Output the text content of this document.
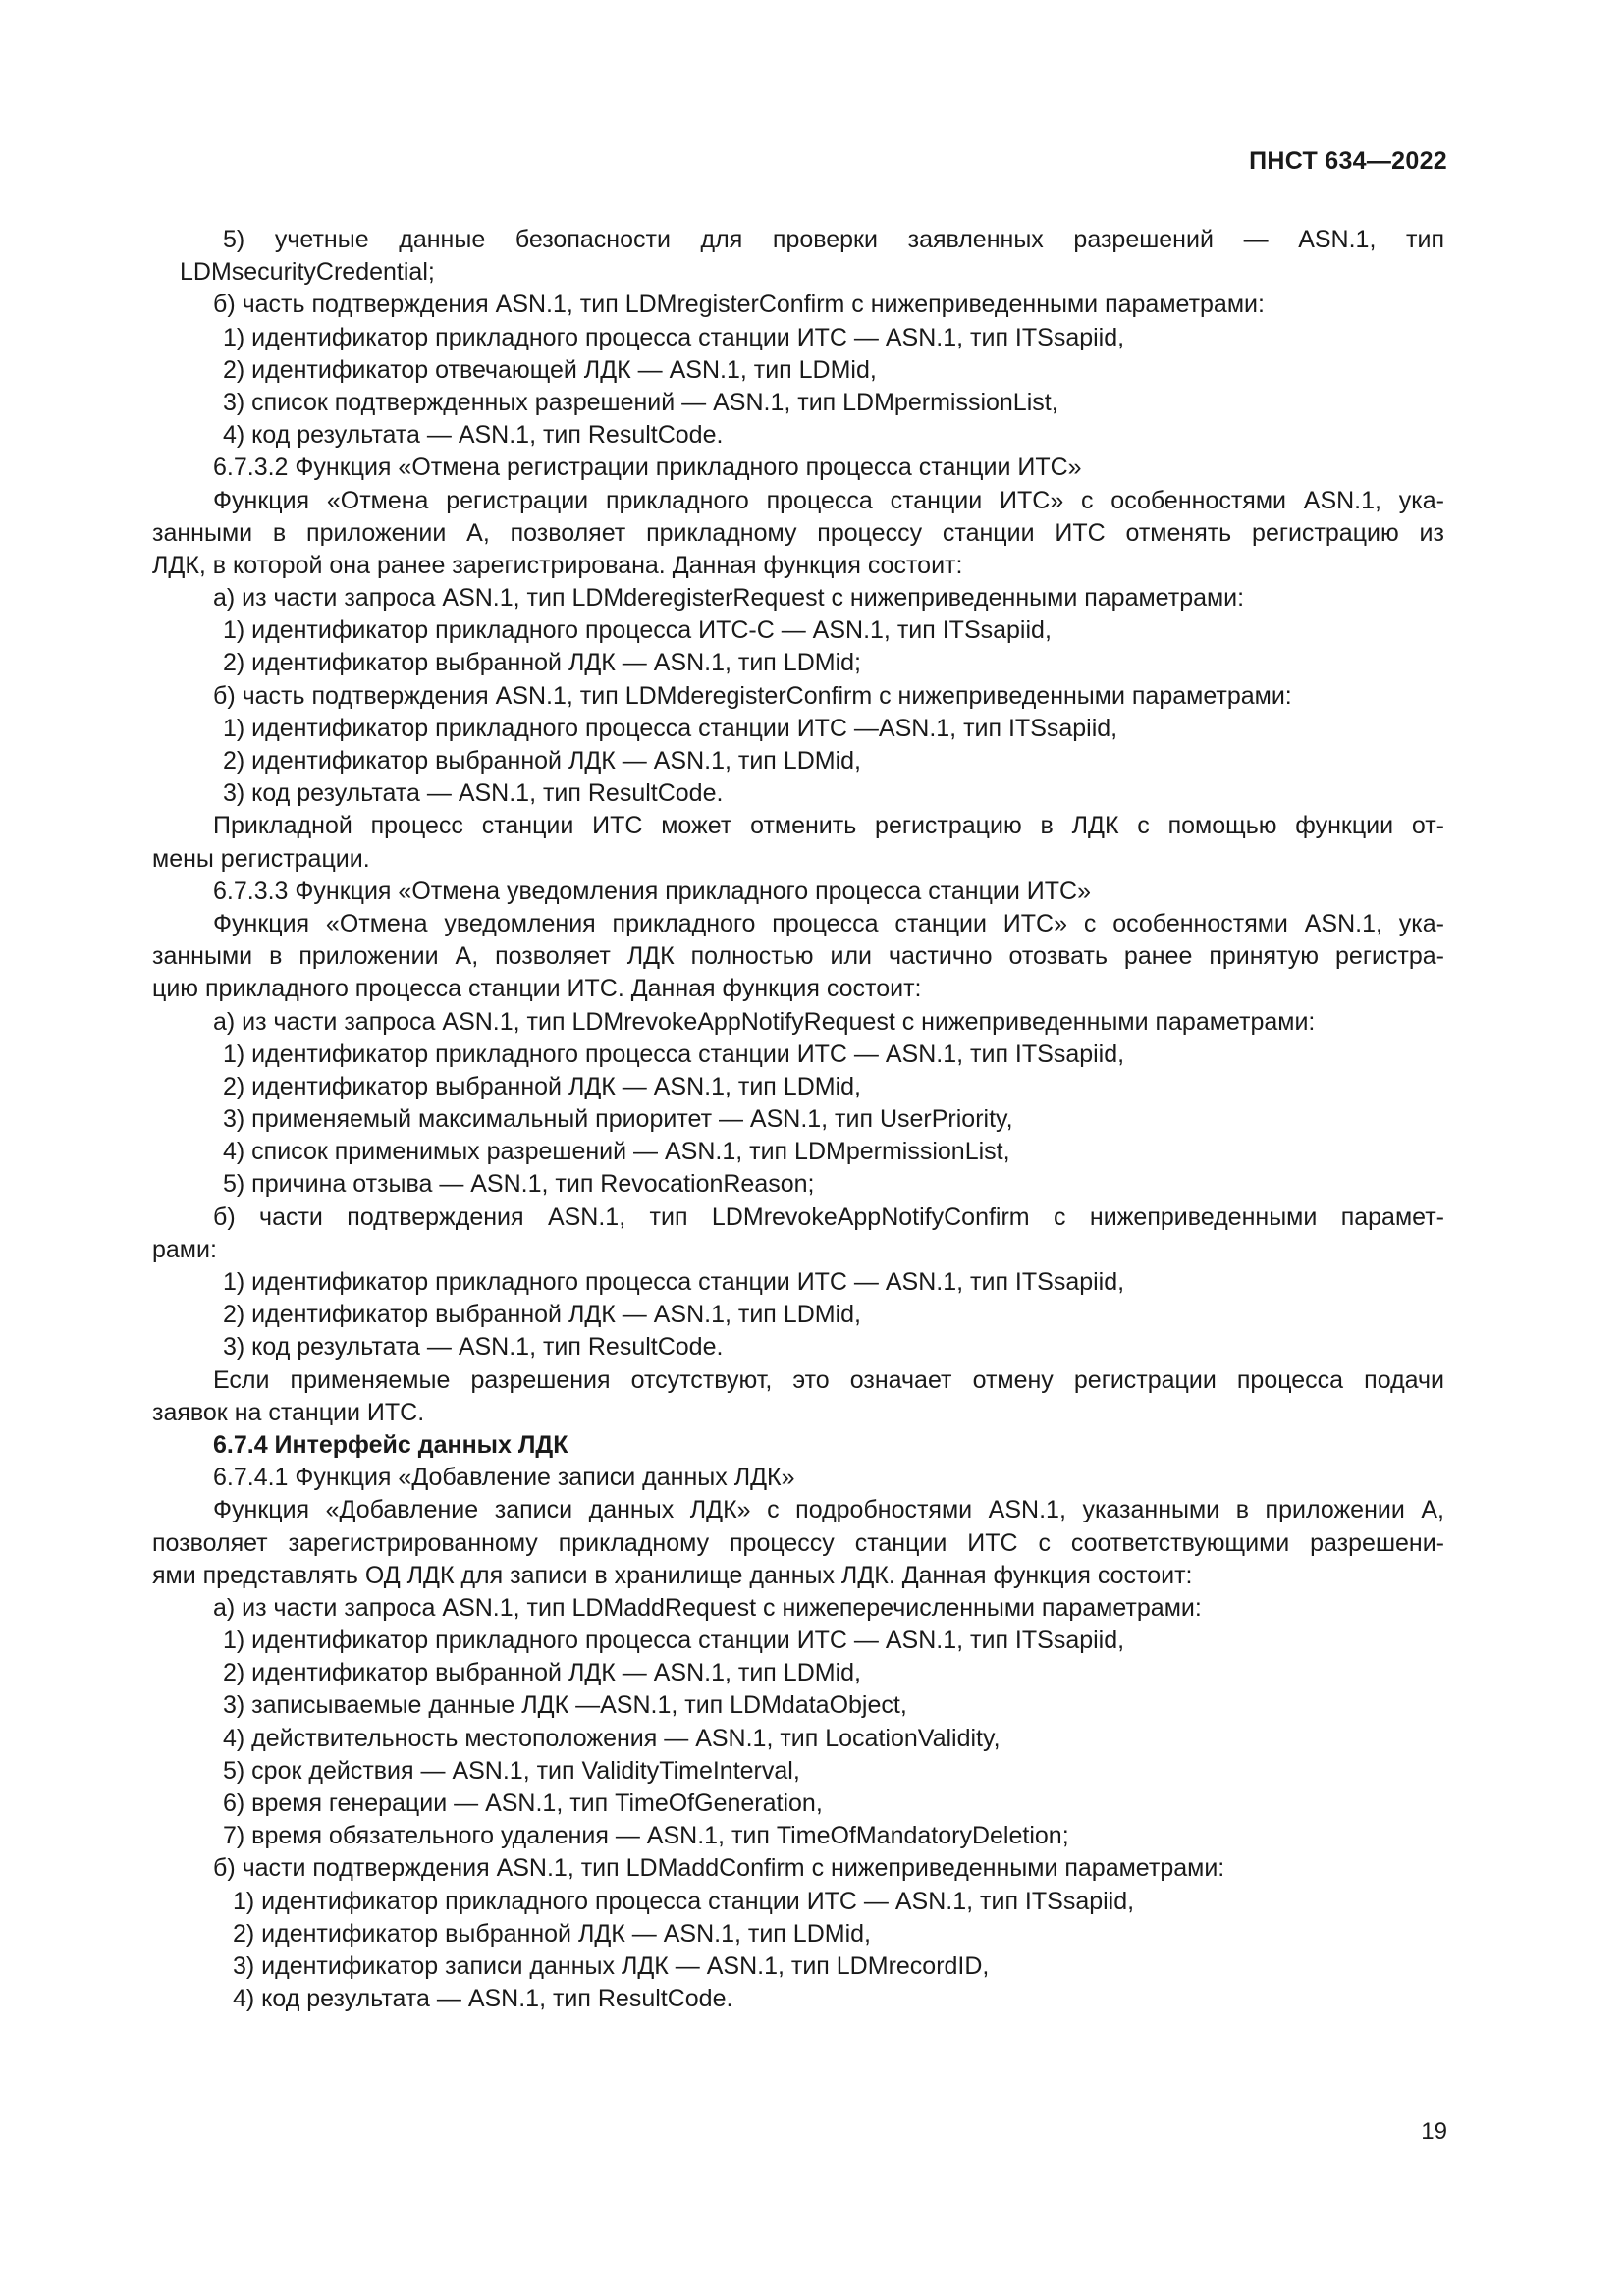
ПНСТ 634—2022
5) учетные данные безопасности для проверки заявленных разрешений — ASN.1, тип
LDMsecurityCredential;
б) часть подтверждения ASN.1, тип LDMregisterConfirm с нижеприведенными параметрами:
1) идентификатор прикладного процесса станции ИТС — ASN.1, тип ITSsapiid,
2) идентификатор отвечающей ЛДК — ASN.1, тип LDMid,
3) список подтвержденных разрешений — ASN.1, тип LDMpermissionList,
4) код результата — ASN.1, тип ResultCode.
6.7.3.2 Функция «Отмена регистрации прикладного процесса станции ИТС»
Функция «Отмена регистрации прикладного процесса станции ИТС» с особенностями ASN.1, ука-
занными в приложении А, позволяет прикладному процессу станции ИТС отменять регистрацию из
ЛДК, в которой она ранее зарегистрирована. Данная функция состоит:
а) из части запроса ASN.1, тип LDMderegisterRequest с нижеприведенными параметрами:
1) идентификатор прикладного процесса ИТС-С — ASN.1, тип ITSsapiid,
2) идентификатор выбранной ЛДК — ASN.1, тип LDMid;
б) часть подтверждения ASN.1, тип LDMderegisterConfirm с нижеприведенными параметрами:
1) идентификатор прикладного процесса станции ИТС —ASN.1, тип ITSsapiid,
2) идентификатор выбранной ЛДК — ASN.1, тип LDMid,
3) код результата — ASN.1, тип ResultCode.
Прикладной процесс станции ИТС может отменить регистрацию в ЛДК с помощью функции от-
мены регистрации.
6.7.3.3 Функция «Отмена уведомления прикладного процесса станции ИТС»
Функция «Отмена уведомления прикладного процесса станции ИТС» с особенностями ASN.1, ука-
занными в приложении А, позволяет ЛДК полностью или частично отозвать ранее принятую регистра-
цию прикладного процесса станции ИТС. Данная функция состоит:
а) из части запроса ASN.1, тип LDMrevokeAppNotifyRequest с нижеприведенными параметрами:
1) идентификатор прикладного процесса станции ИТС — ASN.1, тип ITSsapiid,
2) идентификатор выбранной ЛДК — ASN.1, тип LDMid,
3) применяемый максимальный приоритет — ASN.1, тип UserPriority,
4) список применимых разрешений — ASN.1, тип LDMpermissionList,
5) причина отзыва — ASN.1, тип RevocationReason;
б) части подтверждения ASN.1, тип LDMrevokeAppNotifyConfirm с нижеприведенными парамет-
рами:
1) идентификатор прикладного процесса станции ИТС — ASN.1, тип ITSsapiid,
2) идентификатор выбранной ЛДК — ASN.1, тип LDMid,
3) код результата — ASN.1, тип ResultCode.
Если применяемые разрешения отсутствуют, это означает отмену регистрации процесса подачи
заявок на станции ИТС.
6.7.4 Интерфейс данных ЛДК
6.7.4.1 Функция «Добавление записи данных ЛДК»
Функция «Добавление записи данных ЛДК» с подробностями ASN.1, указанными в приложении А,
позволяет зарегистрированному прикладному процессу станции ИТС с соответствующими разрешени-
ями представлять ОД ЛДК для записи в хранилище данных ЛДК. Данная функция состоит:
а) из части запроса ASN.1, тип LDMaddRequest с нижеперечисленными параметрами:
1) идентификатор прикладного процесса станции ИТС — ASN.1, тип ITSsapiid,
2) идентификатор выбранной ЛДК — ASN.1, тип LDMid,
3) записываемые данные ЛДК —ASN.1, тип LDMdataObject,
4) действительность местоположения — ASN.1, тип LocationValidity,
5) срок действия — ASN.1, тип ValidityTimeInterval,
6) время генерации — ASN.1, тип TimeOfGeneration,
7) время обязательного удаления — ASN.1, тип TimeOfMandatoryDeletion;
б) части подтверждения ASN.1, тип LDMaddConfirm с нижеприведенными параметрами:
1) идентификатор прикладного процесса станции ИТС — ASN.1, тип ITSsapiid,
2) идентификатор выбранной ЛДК — ASN.1, тип LDMid,
3) идентификатор записи данных ЛДК — ASN.1, тип LDMrecordID,
4) код результата — ASN.1, тип ResultCode.
19
